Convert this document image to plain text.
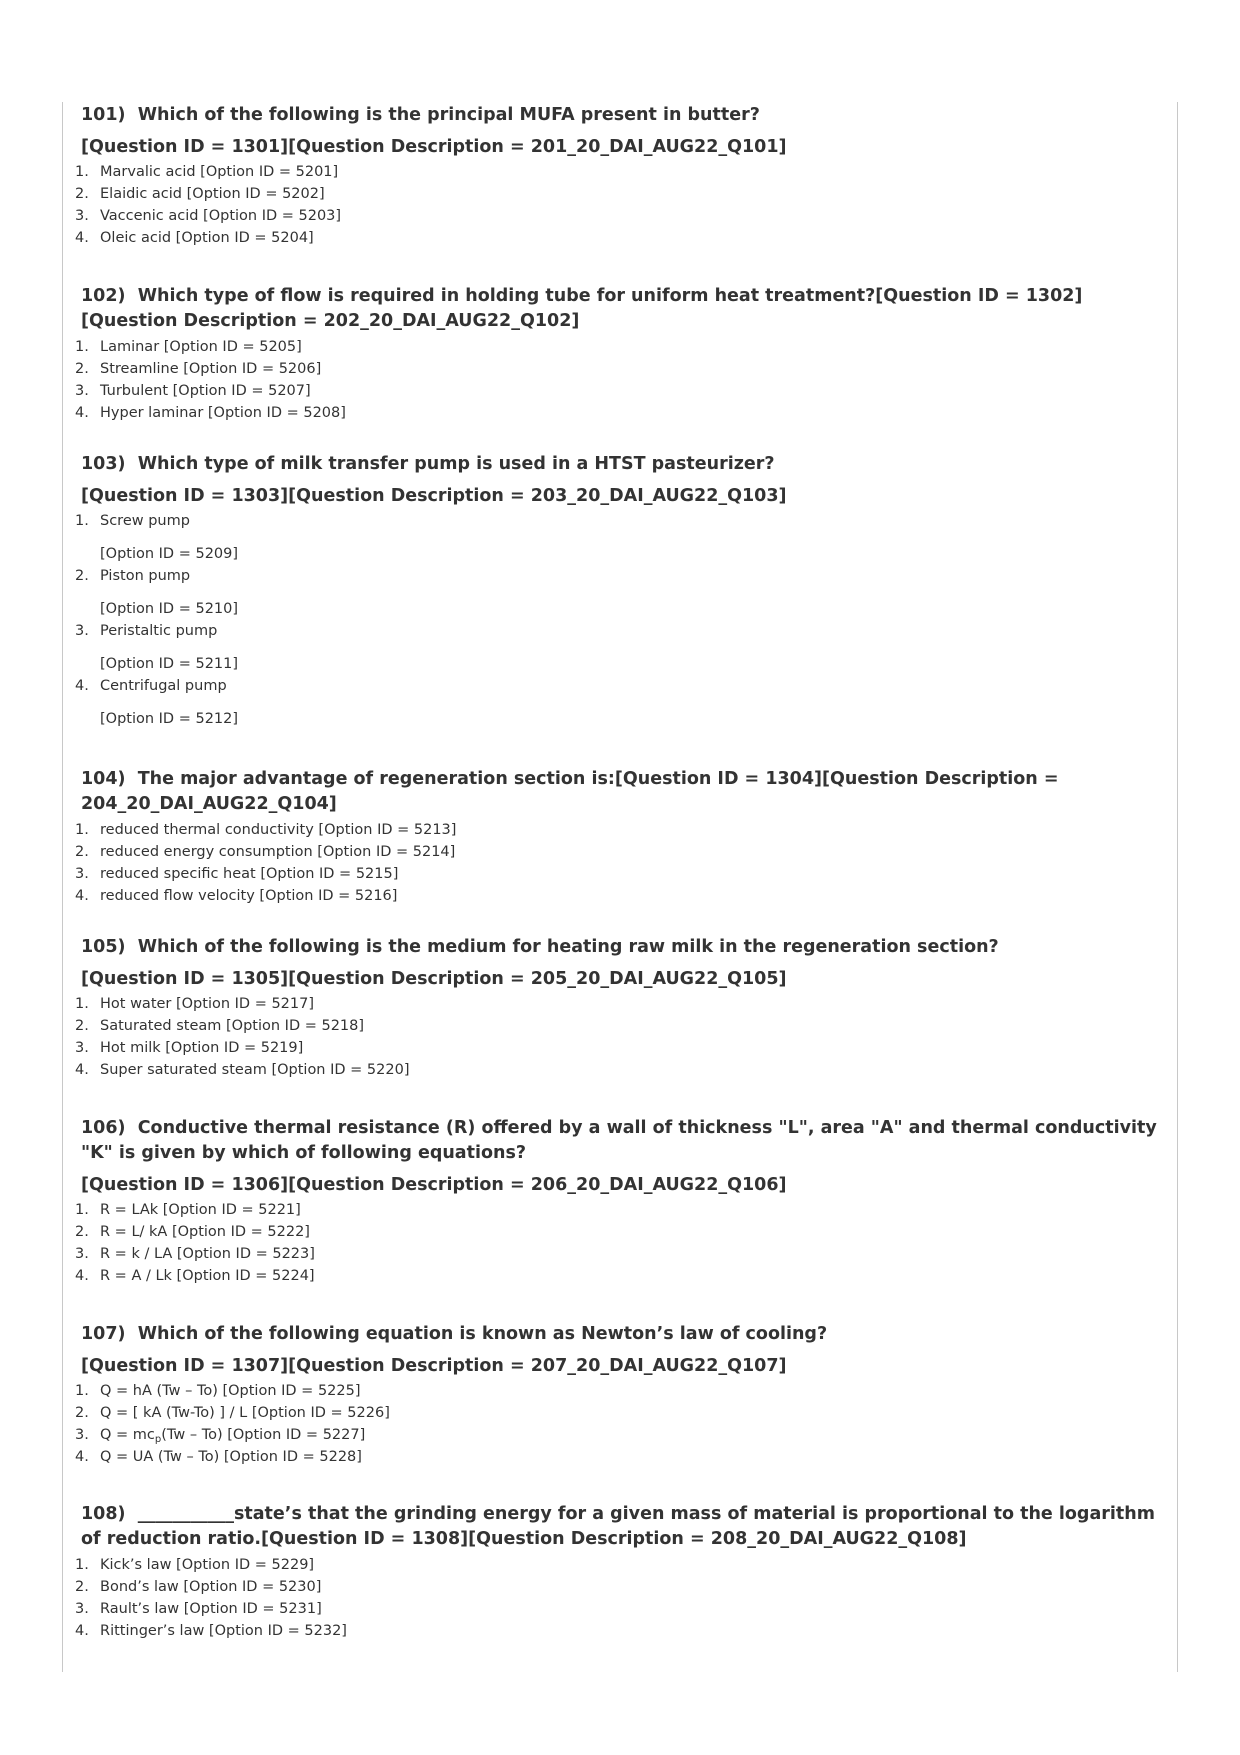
101) Which of the following is the principal MUFA present in butter?
[Question ID = 1301][Question Description = 201_20_DAI_AUG22_Q101]
1. Marvalic acid [Option ID = 5201]
2. Elaidic acid [Option ID = 5202]
3. Vaccenic acid [Option ID = 5203]
4. Oleic acid [Option ID = 5204]
102) Which type of flow is required in holding tube for uniform heat treatment?[Question ID = 1302][Question Description = 202_20_DAI_AUG22_Q102]
1. Laminar [Option ID = 5205]
2. Streamline [Option ID = 5206]
3. Turbulent [Option ID = 5207]
4. Hyper laminar [Option ID = 5208]
103) Which type of milk transfer pump is used in a HTST pasteurizer?
[Question ID = 1303][Question Description = 203_20_DAI_AUG22_Q103]
1. Screw pump
[Option ID = 5209]
2. Piston pump
[Option ID = 5210]
3. Peristaltic pump
[Option ID = 5211]
4. Centrifugal pump
[Option ID = 5212]
104) The major advantage of regeneration section is:[Question ID = 1304][Question Description = 204_20_DAI_AUG22_Q104]
1. reduced thermal conductivity [Option ID = 5213]
2. reduced energy consumption [Option ID = 5214]
3. reduced specific heat [Option ID = 5215]
4. reduced flow velocity [Option ID = 5216]
105) Which of the following is the medium for heating raw milk in the regeneration section?
[Question ID = 1305][Question Description = 205_20_DAI_AUG22_Q105]
1. Hot water [Option ID = 5217]
2. Saturated steam [Option ID = 5218]
3. Hot milk [Option ID = 5219]
4. Super saturated steam [Option ID = 5220]
106) Conductive thermal resistance (R) offered by a wall of thickness "L", area "A" and thermal conductivity "K" is given by which of following equations?
[Question ID = 1306][Question Description = 206_20_DAI_AUG22_Q106]
1. R = LAk [Option ID = 5221]
2. R = L/ kA [Option ID = 5222]
3. R = k / LA [Option ID = 5223]
4. R = A / Lk [Option ID = 5224]
107) Which of the following equation is known as Newton’s law of cooling?
[Question ID = 1307][Question Description = 207_20_DAI_AUG22_Q107]
1. Q = hA (Tw – To) [Option ID = 5225]
2. Q = [ kA (Tw-To) ] / L [Option ID = 5226]
3. $Q = mc_p(Tw - To)$ [Option ID = 5227]
4. Q = UA (Tw – To) [Option ID = 5228]
108) ___________state’s that the grinding energy for a given mass of material is proportional to the logarithm of reduction ratio.[Question ID = 1308][Question Description = 208_20_DAI_AUG22_Q108]
1. Kick’s law [Option ID = 5229]
2. Bond’s law [Option ID = 5230]
3. Rault’s law [Option ID = 5231]
4. Rittinger’s law [Option ID = 5232]
